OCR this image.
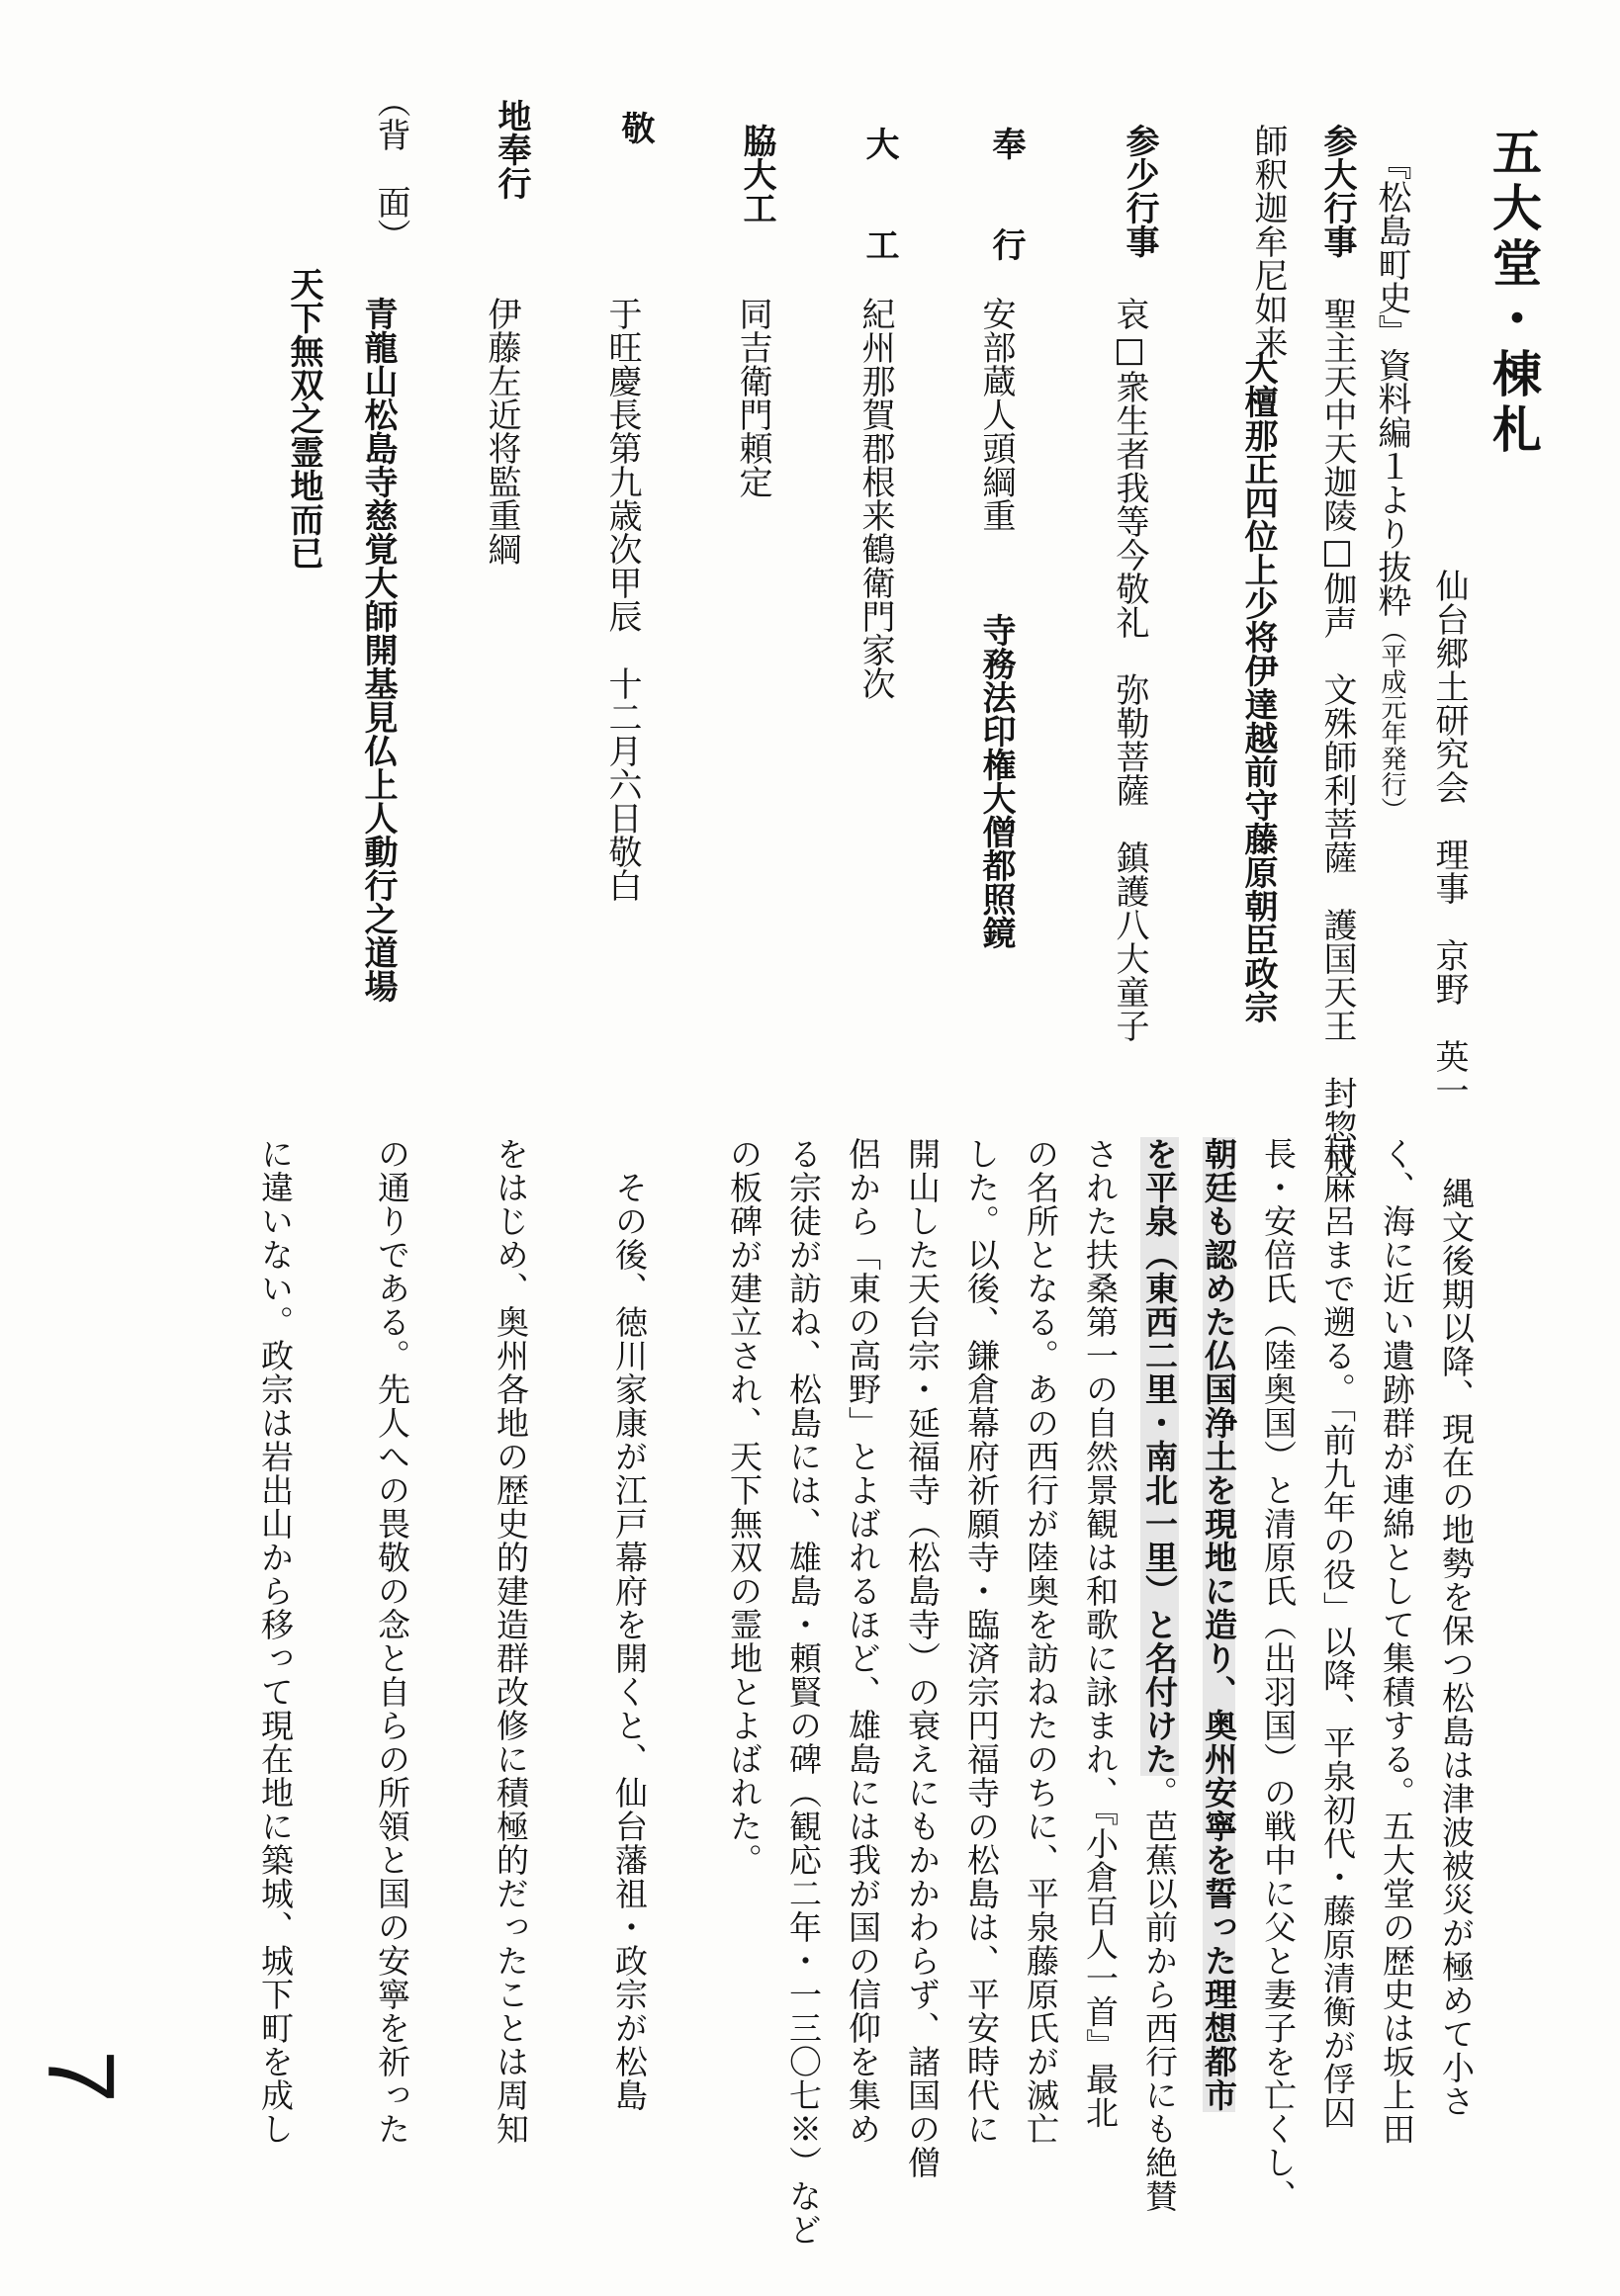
五大堂・棟札
仙台郷土研究会　理事　京野　英一
『松島町史』資料編１より抜粋（平成元年発行）
参大行事
聖主天中天迦陵□伽声　文殊師利菩薩　護国天王　封惣戒
師釈迦牟尼如来
大檀那正四位上少将伊達越前守藤原朝臣政宗
参少行事
哀□衆生者我等今敬礼　弥勒菩薩　鎮護八大童子
奉　　行
安部蔵人頭綱重
寺務法印権大僧都照鏡
大　　工
紀州那賀郡根来鶴衛門家次
脇大工
同吉衛門頼定
敬
于旺慶長第九歳次甲辰　十二月六日敬白
地奉行
伊藤左近将監重綱
（背　面）
青龍山松島寺慈覚大師開基見仏上人動行之道場
天下無双之霊地而已
縄文後期以降、現在の地勢を保つ松島は津波被災が極めて小さ
く、海に近い遺跡群が連綿として集積する。五大堂の歴史は坂上田
村麻呂まで遡る。「前九年の役」以降、平泉初代・藤原清衡が俘囚
長・安倍氏（陸奥国）と清原氏（出羽国）の戦中に父と妻子を亡くし、
朝廷も認めた仏国浄土を現地に造り、奥州安寧を誓った理想都市
を平泉（東西二里・南北一里）と名付けた。芭蕉以前から西行にも絶賛
された扶桑第一の自然景観は和歌に詠まれ、『小倉百人一首』最北
の名所となる。あの西行が陸奥を訪ねたのちに、平泉藤原氏が滅亡
した。以後、鎌倉幕府祈願寺・臨済宗円福寺の松島は、平安時代に
開山した天台宗・延福寺（松島寺）の衰えにもかかわらず、諸国の僧
侶から「東の高野」とよばれるほど、雄島には我が国の信仰を集め
る宗徒が訪ね、松島には、雄島・頼賢の碑（観応二年・一三〇七※）など
の板碑が建立され、天下無双の霊地とよばれた。
　その後、徳川家康が江戸幕府を開くと、仙台藩祖・政宗が松島
をはじめ、奥州各地の歴史的建造群改修に積極的だったことは周知
の通りである。先人への畏敬の念と自らの所領と国の安寧を祈った
に違いない。政宗は岩出山から移って現在地に築城、城下町を成し
7
